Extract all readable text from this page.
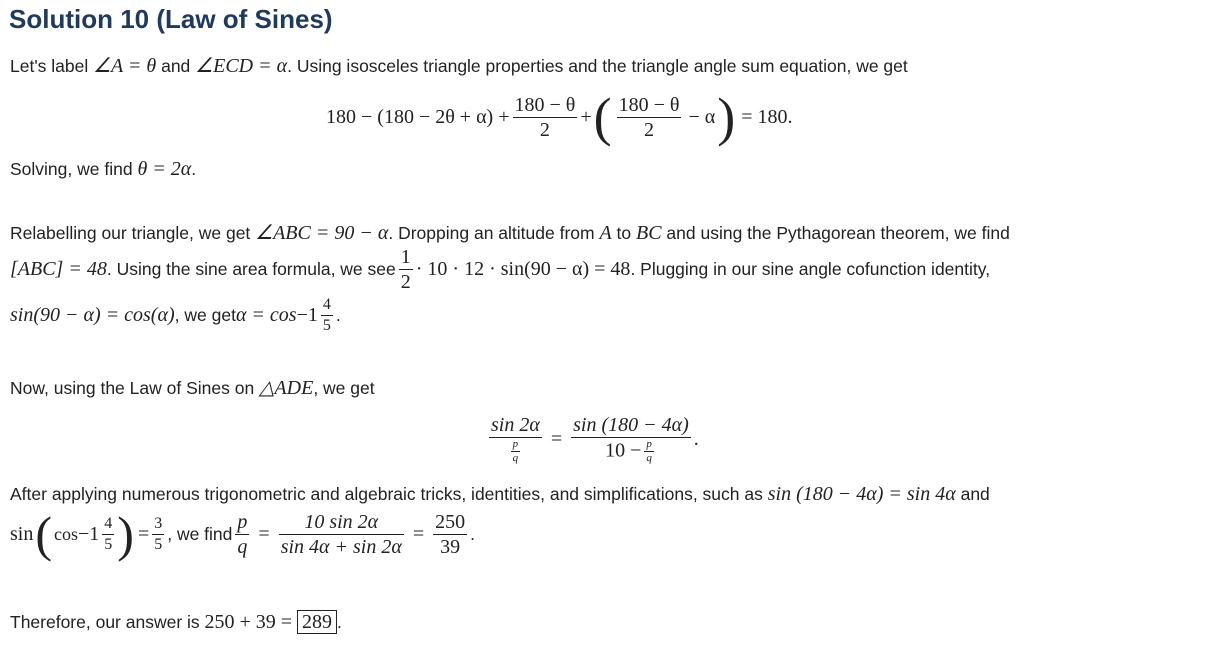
Solution 10 (Law of Sines)
Let's label ∠A = θ and ∠ECD = α. Using isosceles triangle properties and the triangle angle sum equation, we get
$180 - (180 - 2\theta + \alpha) + \frac{180 - \theta}{2}$ + ( $\frac{180 - \theta}{2} - \alpha$ ) = 180.
Solving, we find θ = 2α.
Relabelling our triangle, we get ∠ABC = 90 − α. Dropping an altitude from A to BC and using the Pythagorean theorem, we find
[ABC] = 48 . Using the sine area formula, we see $\frac{1}{2} \cdot 10 \cdot 12 \cdot \sin(90 - \alpha) = 48$ . Plugging in our sine angle cofunction identity,
sin(90 − α) = cos(α) , we get $\alpha = \cos -1 \frac{4}{5}$ .
Now, using the Law of Sines on △ADE, we get
$\frac{\sin 2\alpha}{\frac{p}{q}} = \frac{\sin (180 - 4\alpha)}{10 - \frac{p}{q}}$ .
After applying numerous trigonometric and algebraic tricks, identities, and simplifications, such as sin (180 − 4α) = sin 4α and
sin ( $\cos -1 \frac{4}{5}$ ) = $\frac{3}{5}$ , we find $\frac{p}{q} = \frac{10 \sin 2\alpha}{\sin 4\alpha + \sin 2\alpha} = \frac{250}{39}$ .
Therefore, our answer is 250 + 39 = 289 .
